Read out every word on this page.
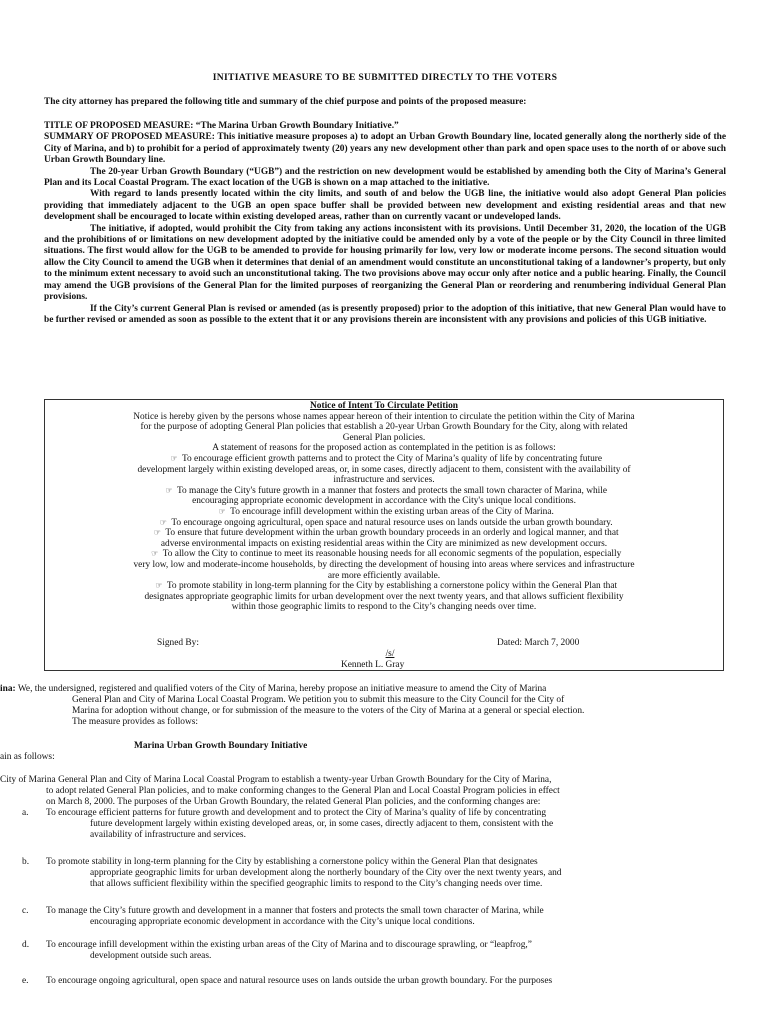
INITIATIVE MEASURE TO BE SUBMITTED DIRECTLY TO THE VOTERS
The city attorney has prepared the following title and summary of the chief purpose and points of the proposed measure:

TITLE OF PROPOSED MEASURE: “The Marina Urban Growth Boundary Initiative.”

SUMMARY OF PROPOSED MEASURE: This initiative measure proposes a) to adopt an Urban Growth Boundary line, located generally along the northerly side of the City of Marina, and b) to prohibit for a period of approximately twenty (20) years any new development other than park and open space uses to the north of or above such Urban Growth Boundary line.

The 20-year Urban Growth Boundary (“UGB”) and the restriction on new development would be established by amending both the City of Marina’s General Plan and its Local Coastal Program. The exact location of the UGB is shown on a map attached to the initiative.

With regard to lands presently located within the city limits, and south of and below the UGB line, the initiative would also adopt General Plan policies providing that immediately adjacent to the UGB an open space buffer shall be provided between new development and existing residential areas and that new development shall be encouraged to locate within existing developed areas, rather than on currently vacant or undeveloped lands.

The initiative, if adopted, would prohibit the City from taking any actions inconsistent with its provisions. Until December 31, 2020, the location of the UGB and the prohibitions of or limitations on new development adopted by the initiative could be amended only by a vote of the people or by the City Council in three limited situations. The first would allow for the UGB to be amended to provide for housing primarily for low, very low or moderate income persons. The second situation would allow the City Council to amend the UGB when it determines that denial of an amendment would constitute an unconstitutional taking of a landowner’s property, but only to the minimum extent necessary to avoid such an unconstitutional taking. The two provisions above may occur only after notice and a public hearing. Finally, the Council may amend the UGB provisions of the General Plan for the limited purposes of reorganizing the General Plan or reordering and renumbering individual General Plan provisions.

If the City’s current General Plan is revised or amended (as is presently proposed) prior to the adoption of this initiative, that new General Plan would have to be further revised or amended as soon as possible to the extent that it or any provisions therein are inconsistent with any provisions and policies of this UGB initiative.

Notice of Intent To Circulate Petition
Notice is hereby given by the persons whose names appear hereon of their intention to circulate the petition within the City of Marina
for the purpose of adopting General Plan policies that establish a 20-year Urban Growth Boundary for the City, along with related
General Plan policies.
A statement of reasons for the proposed action as contemplated in the petition is as follows:
☞ To encourage efficient growth patterns and to protect the City of Marina’s quality of life by concentrating future
development largely within existing developed areas, or, in some cases, directly adjacent to them, consistent with the availability of
infrastructure and services.
☞ To manage the City's future growth in a manner that fosters and protects the small town character of Marina, while
encouraging appropriate economic development in accordance with the City's unique local conditions.
☞ To encourage infill development within the existing urban areas of the City of Marina.
☞ To encourage ongoing agricultural, open space and natural resource uses on lands outside the urban growth boundary.
☞ To ensure that future development within the urban growth boundary proceeds in an orderly and logical manner, and that
adverse environmental impacts on existing residential areas within the City are minimized as new development occurs.
☞ To allow the City to continue to meet its reasonable housing needs for all economic segments of the population, especially
very low, low and moderate-income households, by directing the development of housing into areas where services and infrastructure
are more efficiently available.
☞ To promote stability in long-term planning for the City by establishing a cornerstone policy within the General Plan that
designates appropriate geographic limits for urban development over the next twenty years, and that allows sufficient flexibility
within those geographic limits to respond to the City’s changing needs over time.
Signed By:	Dated: March 7, 2000
/s/
Kenneth L. Gray
ina: We, the undersigned, registered and qualified voters of the City of Marina, hereby propose an initiative measure to amend the City of Marina
General Plan and City of Marina Local Coastal Program. We petition you to submit this measure to the City Council for the City of
Marina for adoption without change, or for submission of the measure to the voters of the City of Marina at a general or special election.
The measure provides as follows:
Marina Urban Growth Boundary Initiative
ain as follows:
City of Marina General Plan and City of Marina Local Coastal Program to establish a twenty-year Urban Growth Boundary for the City of Marina,
to adopt related General Plan policies, and to make conforming changes to the General Plan and Local Coastal Program policies in effect
on March 8, 2000. The purposes of the Urban Growth Boundary, the related General Plan policies, and the conforming changes are:
a. To encourage efficient patterns for future growth and development and to protect the City of Marina’s quality of life by concentrating
future development largely within existing developed areas, or, in some cases, directly adjacent to them, consistent with the
availability of infrastructure and services.
b. To promote stability in long-term planning for the City by establishing a cornerstone policy within the General Plan that designates
appropriate geographic limits for urban development along the northerly boundary of the City over the next twenty years, and
that allows sufficient flexibility within the specified geographic limits to respond to the City’s changing needs over time.
c. To manage the City’s future growth and development in a manner that fosters and protects the small town character of Marina, while
encouraging appropriate economic development in accordance with the City’s unique local conditions.
d. To encourage infill development within the existing urban areas of the City of Marina and to discourage sprawling, or “leapfrog,”
development outside such areas.
e. To encourage ongoing agricultural, open space and natural resource uses on lands outside the urban growth boundary. For the purposes
